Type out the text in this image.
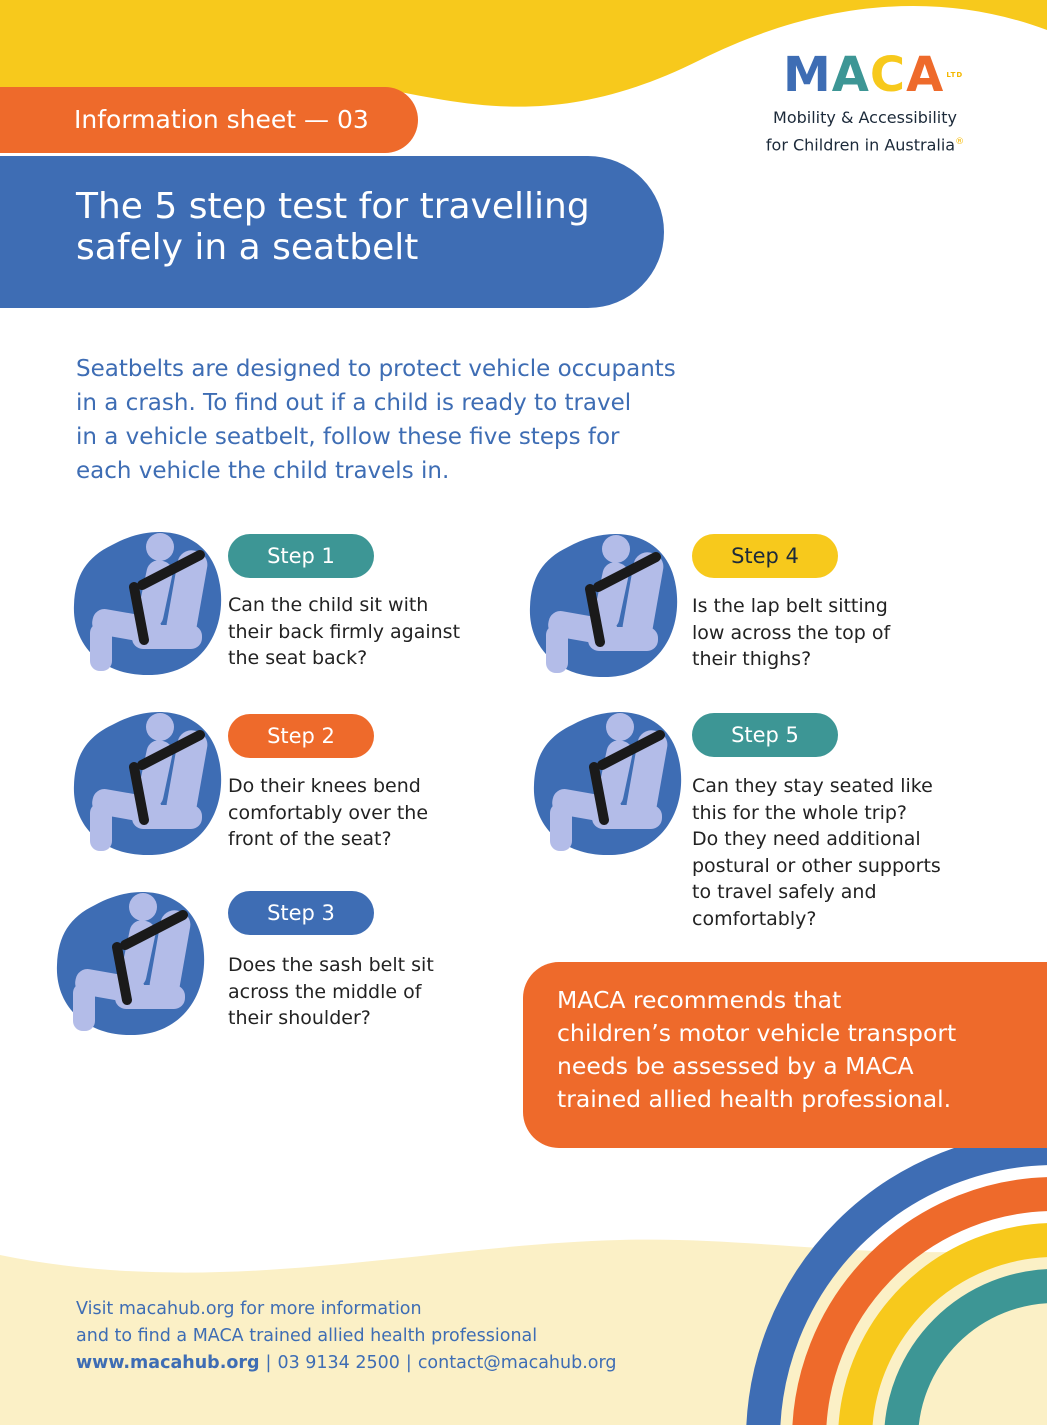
MACA LTD
Mobility & Accessibility
for Children in Australia®
Information sheet — 03
The 5 step test for travelling
safely in a seatbelt
Seatbelts are designed to protect vehicle occupants
in a crash. To find out if a child is ready to travel
in a vehicle seatbelt, follow these five steps for
each vehicle the child travels in.
Step 1
Can the child sit with
their back firmly against
the seat back?
Step 2
Do their knees bend
comfortably over the
front of the seat?
Step 3
Does the sash belt sit
across the middle of
their shoulder?
Step 4
Is the lap belt sitting
low across the top of
their thighs?
Step 5
Can they stay seated like
this for the whole trip?
Do they need additional
postural or other supports
to travel safely and
comfortably?
MACA recommends that
children’s motor vehicle transport
needs be assessed by a MACA
trained allied health professional.
Visit macahub.org for more information
and to find a MACA trained allied health professional
www.macahub.org | 03 9134 2500 | contact@macahub.org
